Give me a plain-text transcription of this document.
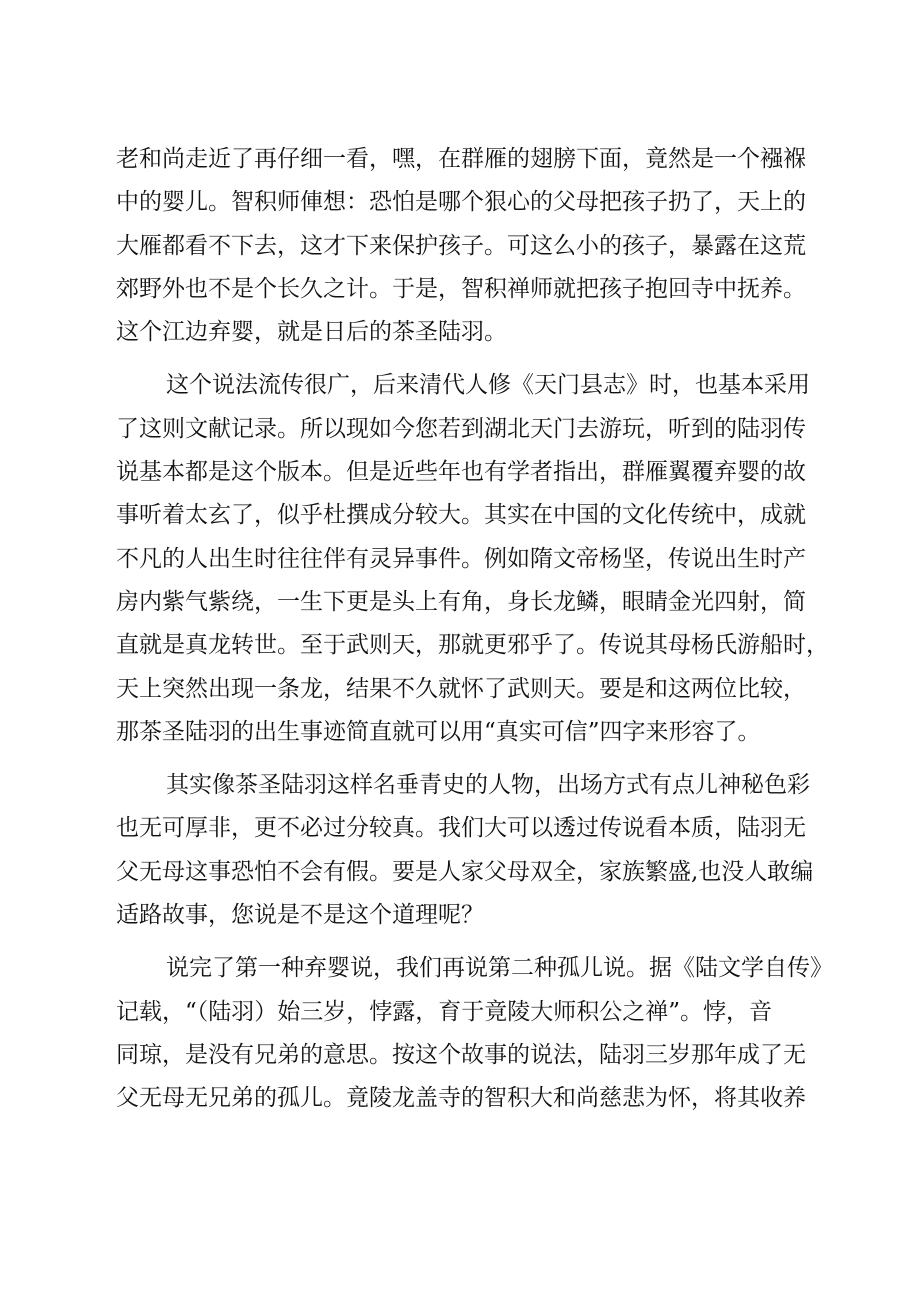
老和尚走近了再仔细一看，嘿，在群雁的翅膀下面，竟然是一个襁褓
中的婴儿。智积师俥想：恐怕是哪个狠心的父母把孩子扔了，天上的
大雁都看不下去，这才下来保护孩子。可这么小的孩子，暴露在这荒
郊野外也不是个长久之计。于是，智积禅师就把孩子抱回寺中抚养。
这个江边弃婴，就是日后的茶圣陆羽。
这个说法流传很广，后来清代人修《天门县志》时，也基本采用
了这则文献记录。所以现如今您若到湖北天门去游玩，听到的陆羽传
说基本都是这个版本。但是近些年也有学者指出，群雁翼覆弃婴的故
事听着太玄了，似乎杜撰成分较大。其实在中国的文化传统中，成就
不凡的人出生时往往伴有灵异事件。例如隋文帝杨坚，传说出生时产
房内紫气紫绕，一生下更是头上有角，身长龙鳞，眼睛金光四射，简
直就是真龙转世。至于武则天，那就更邪乎了。传说其母杨氏游船时，
天上突然出现一条龙，结果不久就怀了武则天。要是和这两位比较，
那茶圣陆羽的出生事迹简直就可以用“真实可信”四字来形容了。
其实像茶圣陆羽这样名垂青史的人物，出场方式有点儿神秘色彩
也无可厚非，更不必过分较真。我们大可以透过传说看本质，陆羽无
父无母这事恐怕不会有假。要是人家父母双全，家族繁盛,也没人敢编
适路故事，您说是不是这个道理呢？
说完了第一种弃婴说，我们再说第二种孤儿说。据《陆文学自传》
记载，“（陆羽）始三岁，悖露，育于竟陵大师积公之禅”。悖，音
同琼，是没有兄弟的意思。按这个故事的说法，陆羽三岁那年成了无
父无母无兄弟的孤儿。竟陵龙盖寺的智积大和尚慈悲为怀，将其收养
